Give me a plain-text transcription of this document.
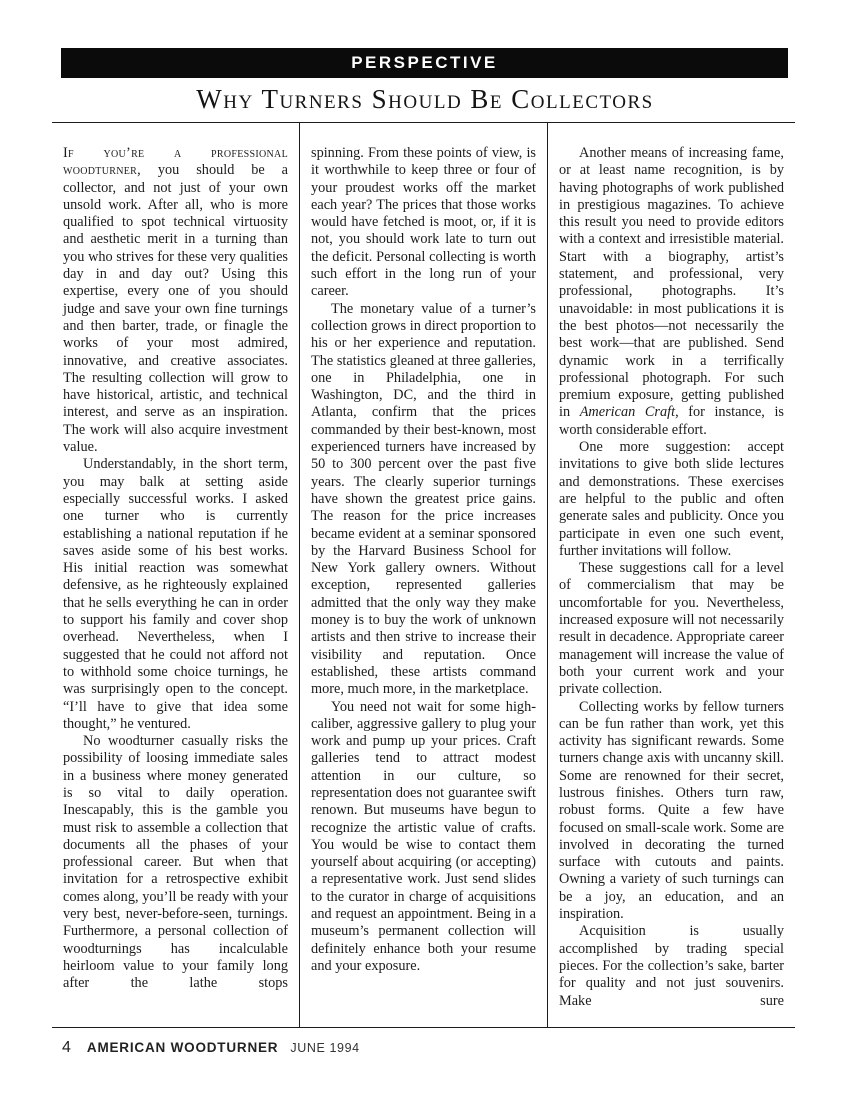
PERSPECTIVE
Why Turners Should Be Collectors

If you’re a professional woodturner, you should be a collector, and not just of your own unsold work. After all, who is more qualified to spot technical virtuosity and aesthetic merit in a turning than you who strives for these very qualities day in and day out? Using this expertise, every one of you should judge and save your own fine turnings and then barter, trade, or finagle the works of your most admired, innovative, and creative associates. The resulting collection will grow to have historical, artistic, and technical interest, and serve as an inspiration. The work will also acquire investment value.

Understandably, in the short term, you may balk at setting aside especially successful works. I asked one turner who is currently establishing a national reputation if he saves aside some of his best works. His initial reaction was somewhat defensive, as he righteously explained that he sells everything he can in order to support his family and cover shop overhead. Nevertheless, when I suggested that he could not afford not to withhold some choice turnings, he was surprisingly open to the concept. “I’ll have to give that idea some thought,” he ventured.

No woodturner casually risks the possibility of loosing immediate sales in a business where money generated is so vital to daily operation. Inescapably, this is the gamble you must risk to assemble a collection that documents all the phases of your professional career. But when that invitation for a retrospective exhibit comes along, you’ll be ready with your very best, never-before-seen, turnings. Furthermore, a personal collection of woodturnings has incalculable heirloom value to your family long after the lathe stops

spinning. From these points of view, is it worthwhile to keep three or four of your proudest works off the market each year? The prices that those works would have fetched is moot, or, if it is not, you should work late to turn out the deficit. Personal collecting is worth such effort in the long run of your career.

The monetary value of a turner’s collection grows in direct proportion to his or her experience and reputation. The statistics gleaned at three galleries, one in Philadelphia, one in Washington, DC, and the third in Atlanta, confirm that the prices commanded by their best-known, most experienced turners have increased by 50 to 300 percent over the past five years. The clearly superior turnings have shown the greatest price gains. The reason for the price increases became evident at a seminar sponsored by the Harvard Business School for New York gallery owners. Without exception, represented galleries admitted that the only way they make money is to buy the work of unknown artists and then strive to increase their visibility and reputation. Once established, these artists command more, much more, in the marketplace.

You need not wait for some high-caliber, aggressive gallery to plug your work and pump up your prices. Craft galleries tend to attract modest attention in our culture, so representation does not guarantee swift renown. But museums have begun to recognize the artistic value of crafts. You would be wise to contact them yourself about acquiring (or accepting) a representative work. Just send slides to the curator in charge of acquisitions and request an appointment. Being in a museum’s permanent collection will definitely enhance both your resume and your exposure.

Another means of increasing fame, or at least name recognition, is by having photographs of work published in prestigious magazines. To achieve this result you need to provide editors with a context and irresistible material. Start with a biography, artist’s statement, and professional, very professional, photographs. It’s unavoidable: in most publications it is the best photos—not necessarily the best work—that are published. Send dynamic work in a terrifically professional photograph. For such premium exposure, getting published in American Craft, for instance, is worth considerable effort.

One more suggestion: accept invitations to give both slide lectures and demonstrations. These exercises are helpful to the public and often generate sales and publicity. Once you participate in even one such event, further invitations will follow.

These suggestions call for a level of commercialism that may be uncomfortable for you. Nevertheless, increased exposure will not necessarily result in decadence. Appropriate career management will increase the value of both your current work and your private collection.

Collecting works by fellow turners can be fun rather than work, yet this activity has significant rewards. Some turners change axis with uncanny skill. Some are renowned for their secret, lustrous finishes. Others turn raw, robust forms. Quite a few have focused on small-scale work. Some are involved in decorating the turned surface with cutouts and paints. Owning a variety of such turnings can be a joy, an education, and an inspiration.

Acquisition is usually accomplished by trading special pieces. For the collection’s sake, barter for quality and not just souvenirs. Make sure

4 AMERICAN WOODTURNER JUNE 1994
